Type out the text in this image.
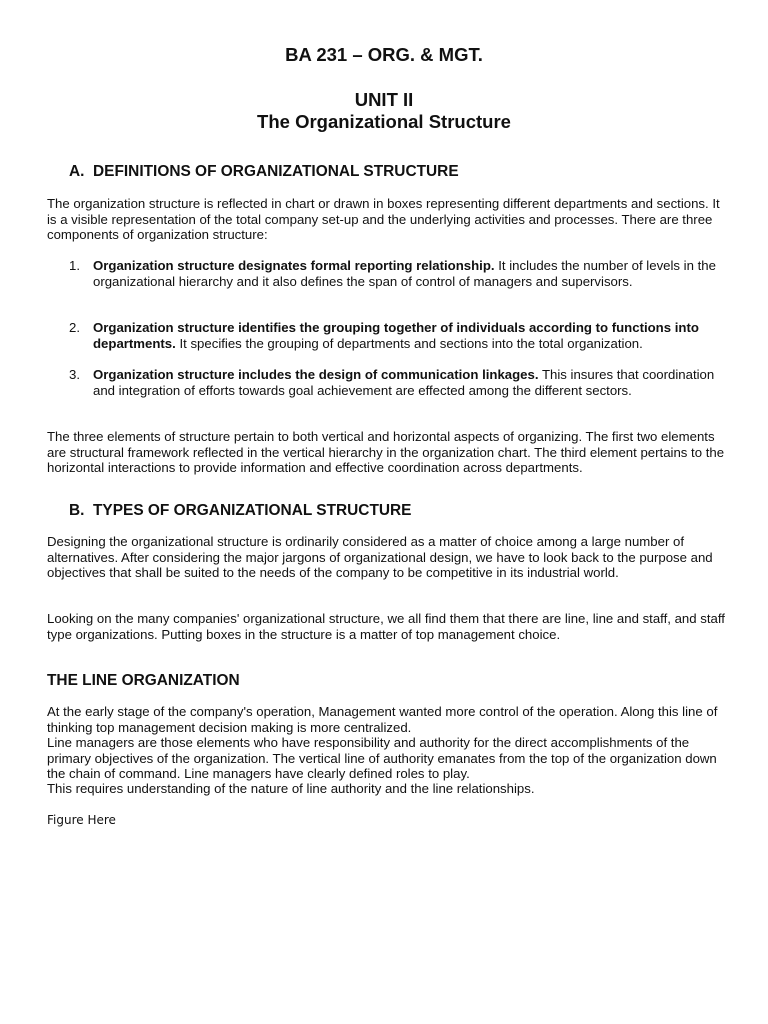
BA 231 – ORG. & MGT.
UNIT II
The Organizational Structure
A. DEFINITIONS OF ORGANIZATIONAL STRUCTURE

The organization structure is reflected in chart or drawn in boxes representing different departments and sections. It is a visible representation of the total company set-up and the underlying activities and processes. There are three components of organization structure:

1. Organization structure designates formal reporting relationship. It includes the number of levels in the organizational hierarchy and it also defines the span of control of managers and supervisors.
2. Organization structure identifies the grouping together of individuals according to functions into departments. It specifies the grouping of departments and sections into the total organization.
3. Organization structure includes the design of communication linkages. This insures that coordination and integration of efforts towards goal achievement are effected among the different sectors.

The three elements of structure pertain to both vertical and horizontal aspects of organizing. The first two elements are structural framework reflected in the vertical hierarchy in the organization chart. The third element pertains to the horizontal interactions to provide information and effective coordination across departments.

B. TYPES OF ORGANIZATIONAL STRUCTURE

Designing the organizational structure is ordinarily considered as a matter of choice among a large number of alternatives. After considering the major jargons of organizational design, we have to look back to the purpose and objectives that shall be suited to the needs of the company to be competitive in its industrial world.

Looking on the many companies' organizational structure, we all find them that there are line, line and staff, and staff type organizations. Putting boxes in the structure is a matter of top management choice.

THE LINE ORGANIZATION

At the early stage of the company's operation, Management wanted more control of the operation. Along this line of thinking top management decision making is more centralized.

Line managers are those elements who have responsibility and authority for the direct accomplishments of the primary objectives of the organization. The vertical line of authority emanates from the top of the organization down the chain of command. Line managers have clearly defined roles to play.

This requires understanding of the nature of line authority and the line relationships.

Figure Here
